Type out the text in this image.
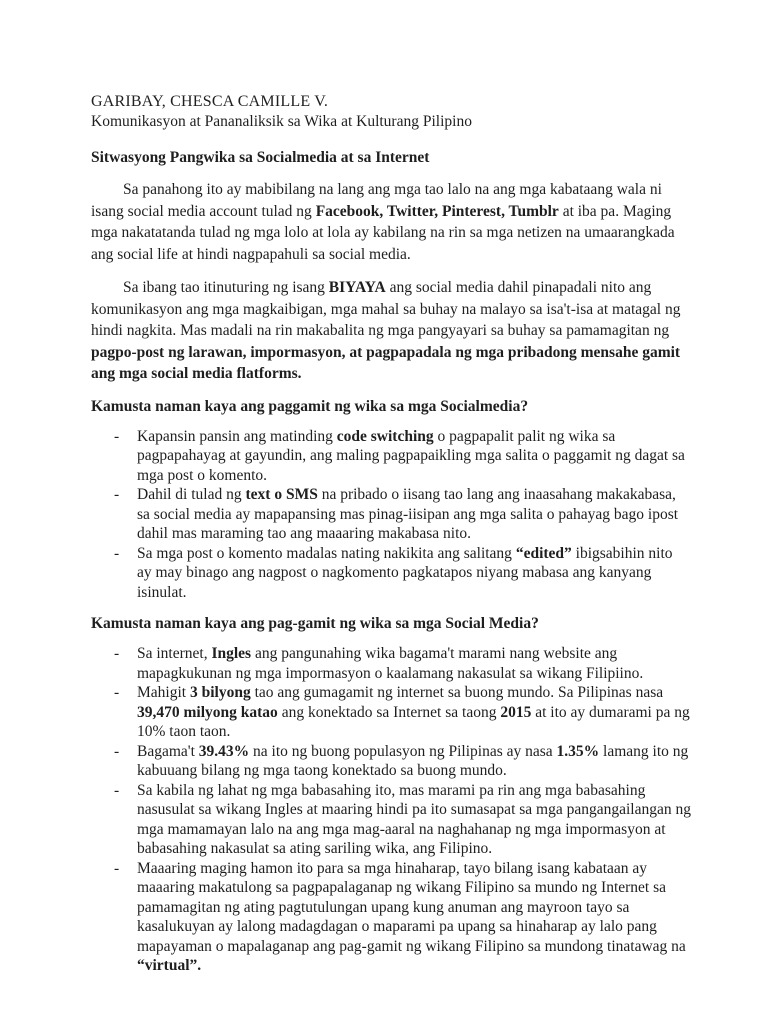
GARIBAY, CHESCA CAMILLE V.
Komunikasyon at Pananaliksik sa Wika at Kulturang Pilipino
Sitwasyong Pangwika sa Socialmedia at sa Internet

Sa panahong ito ay mabibilang na lang ang mga tao lalo na ang mga kabataang wala ni isang social media account tulad ng Facebook, Twitter, Pinterest, Tumblr at iba pa. Maging mga nakatatanda tulad ng mga lolo at lola ay kabilang na rin sa mga netizen na umaarangkada ang social life at hindi nagpapahuli sa social media.

Sa ibang tao itinuturing ng isang BIYAYA ang social media dahil pinapadali nito ang komunikasyon ang mga magkaibigan, mga mahal sa buhay na malayo sa isa't-isa at matagal ng hindi nagkita. Mas madali na rin makabalita ng mga pangyayari sa buhay sa pamamagitan ng pagpo-post ng larawan, impormasyon, at pagpapadala ng mga pribadong mensahe gamit ang mga social media flatforms.

Kamusta naman kaya ang paggamit ng wika sa mga Socialmedia?
- Kapansin pansin ang matinding code switching o pagpapalit palit ng wika sa pagpapahayag at gayundin, ang maling pagpapaikling mga salita o paggamit ng dagat sa mga post o komento.
- Dahil di tulad ng text o SMS na pribado o iisang tao lang ang inaasahang makakabasa, sa social media ay mapapansing mas pinag-iisipan ang mga salita o pahayag bago ipost dahil mas maraming tao ang maaaring makabasa nito.
- Sa mga post o komento madalas nating nakikita ang salitang “edited” ibigsabihin nito ay may binago ang nagpost o nagkomento pagkatapos niyang mabasa ang kanyang isinulat.
Kamusta naman kaya ang pag-gamit ng wika sa mga Social Media?
- Sa internet, Ingles ang pangunahing wika bagama't marami nang website ang mapagkukunan ng mga impormasyon o kaalamang nakasulat sa wikang Filipiino.
- Mahigit 3 bilyong tao ang gumagamit ng internet sa buong mundo. Sa Pilipinas nasa 39,470 milyong katao ang konektado sa Internet sa taong 2015 at ito ay dumarami pa ng 10% taon taon.
- Bagama't 39.43% na ito ng buong populasyon ng Pilipinas ay nasa 1.35% lamang ito ng kabuuang bilang ng mga taong konektado sa buong mundo.
- Sa kabila ng lahat ng mga babasahing ito, mas marami pa rin ang mga babasahing nasusulat sa wikang Ingles at maaring hindi pa ito sumasapat sa mga pangangailangan ng mga mamamayan lalo na ang mga mag-aaral na naghahanap ng mga impormasyon at babasahing nakasulat sa ating sariling wika, ang Filipino.
- Maaaring maging hamon ito para sa mga hinaharap, tayo bilang isang kabataan ay maaaring makatulong sa pagpapalaganap ng wikang Filipino sa mundo ng Internet sa pamamagitan ng ating pagtutulungan upang kung anuman ang mayroon tayo sa kasalukuyan ay lalong madagdagan o maparami pa upang sa hinaharap ay lalo pang mapayaman o mapalaganap ang pag-gamit ng wikang Filipino sa mundong tinatawag na “virtual”.
